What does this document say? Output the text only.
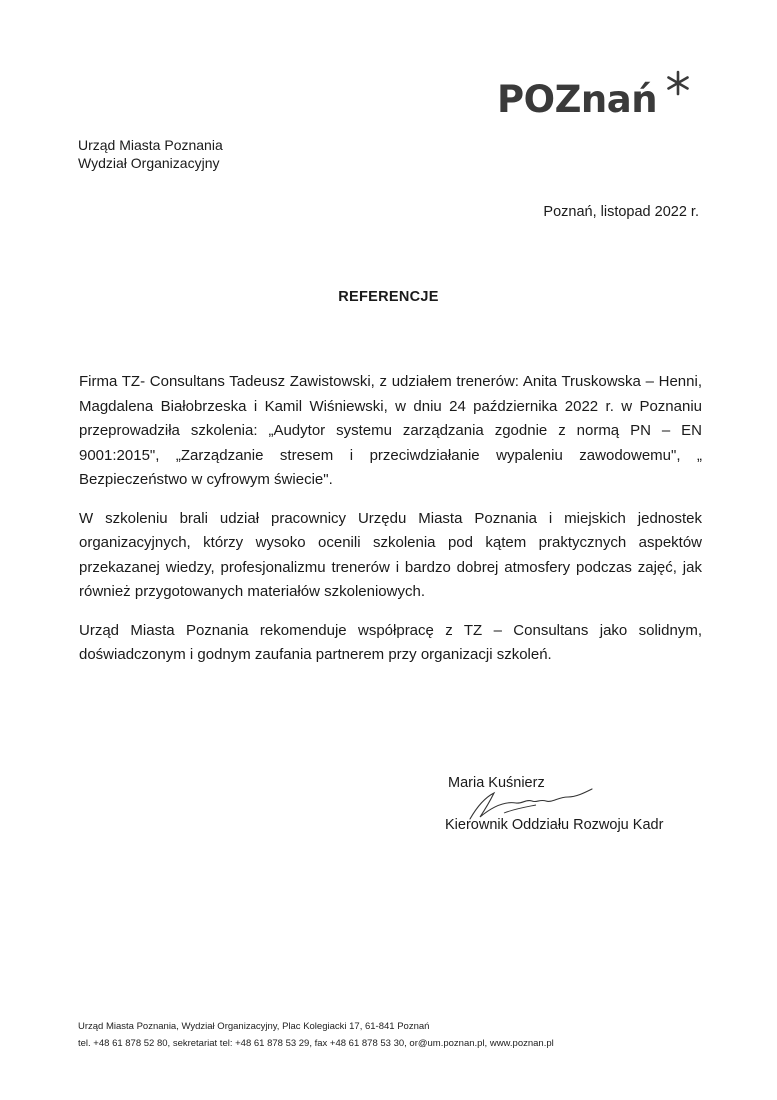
POZnań
Urząd Miasta Poznania
Wydział Organizacyjny
Poznań, listopad 2022 r.
REFERENCJE

Firma TZ- Consultans Tadeusz Zawistowski, z udziałem trenerów: Anita Truskowska – Henni, Magdalena Białobrzeska i Kamil Wiśniewski, w dniu 24 października 2022 r. w Poznaniu przeprowadziła szkolenia: „Audytor systemu zarządzania zgodnie z normą PN – EN 9001:2015", „Zarządzanie stresem i przeciwdziałanie wypaleniu zawodowemu", „ Bezpieczeństwo w cyfrowym świecie".

W szkoleniu brali udział pracownicy Urzędu Miasta Poznania i miejskich jednostek organizacyjnych, którzy wysoko ocenili szkolenia pod kątem praktycznych aspektów przekazanej wiedzy, profesjonalizmu trenerów i bardzo dobrej atmosfery podczas zajęć, jak również przygotowanych materiałów szkoleniowych.

Urząd Miasta Poznania rekomenduje współpracę z TZ – Consultans jako solidnym, doświadczonym i godnym zaufania partnerem przy organizacji szkoleń.

Maria Kuśnierz
Kierownik Oddziału Rozwoju Kadr
Urząd Miasta Poznania, Wydział Organizacyjny, Plac Kolegiacki 17, 61-841 Poznań
tel. +48 61 878 52 80, sekretariat tel: +48 61 878 53 29, fax +48 61 878 53 30, or@um.poznan.pl, www.poznan.pl
